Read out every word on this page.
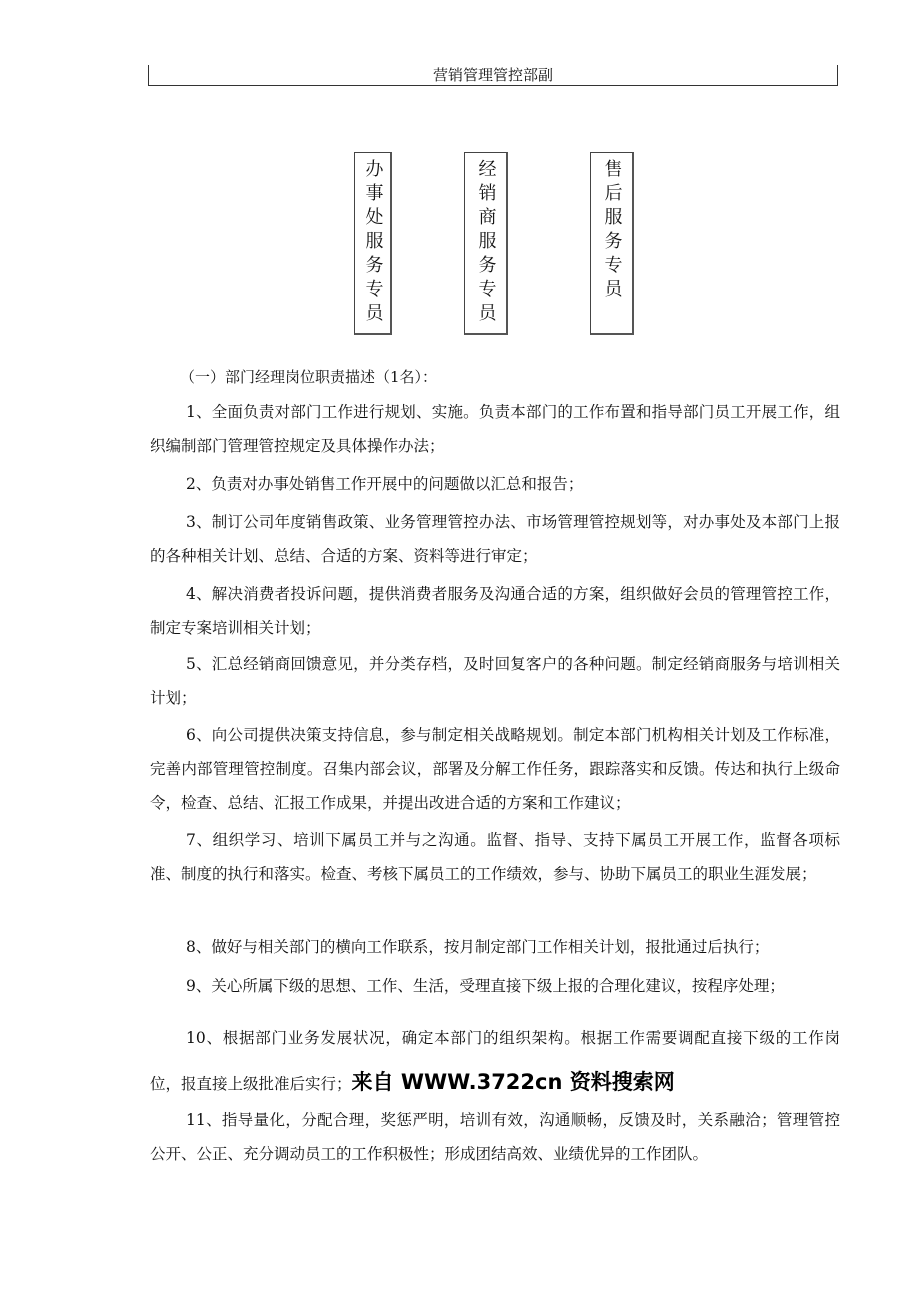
营销管理管控部副
办事处服务专员	经销商服务专员	售后服务专员
（一）部门经理岗位职责描述（1名）：

1、全面负责对部门工作进行规划、实施。负责本部门的工作布置和指导部门员工开展工作，组织编制部门管理管控规定及具体操作办法；

2、负责对办事处销售工作开展中的问题做以汇总和报告；

3、制订公司年度销售政策、业务管理管控办法、市场管理管控规划等，对办事处及本部门上报的各种相关计划、总结、合适的方案、资料等进行审定；

4、解决消费者投诉问题，提供消费者服务及沟通合适的方案，组织做好会员的管理管控工作，制定专案培训相关计划；

5、汇总经销商回馈意见，并分类存档，及时回复客户的各种问题。制定经销商服务与培训相关计划；

6、向公司提供决策支持信息，参与制定相关战略规划。制定本部门机构相关计划及工作标准，完善内部管理管控制度。召集内部会议，部署及分解工作任务，跟踪落实和反馈。传达和执行上级命令，检查、总结、汇报工作成果，并提出改进合适的方案和工作建议；

7、组织学习、培训下属员工并与之沟通。监督、指导、支持下属员工开展工作，监督各项标准、制度的执行和落实。检查、考核下属员工的工作绩效，参与、协助下属员工的职业生涯发展；

8、做好与相关部门的横向工作联系，按月制定部门工作相关计划，报批通过后执行；

9、关心所属下级的思想、工作、生活，受理直接下级上报的合理化建议，按程序处理；

10、根据部门业务发展状况，确定本部门的组织架构。根据工作需要调配直接下级的工作岗位，报直接上级批准后实行；来自 WWW.3722cn 资料搜索网

11、指导量化，分配合理，奖惩严明，培训有效，沟通顺畅，反馈及时，关系融洽；管理管控公开、公正、充分调动员工的工作积极性；形成团结高效、业绩优异的工作团队。
